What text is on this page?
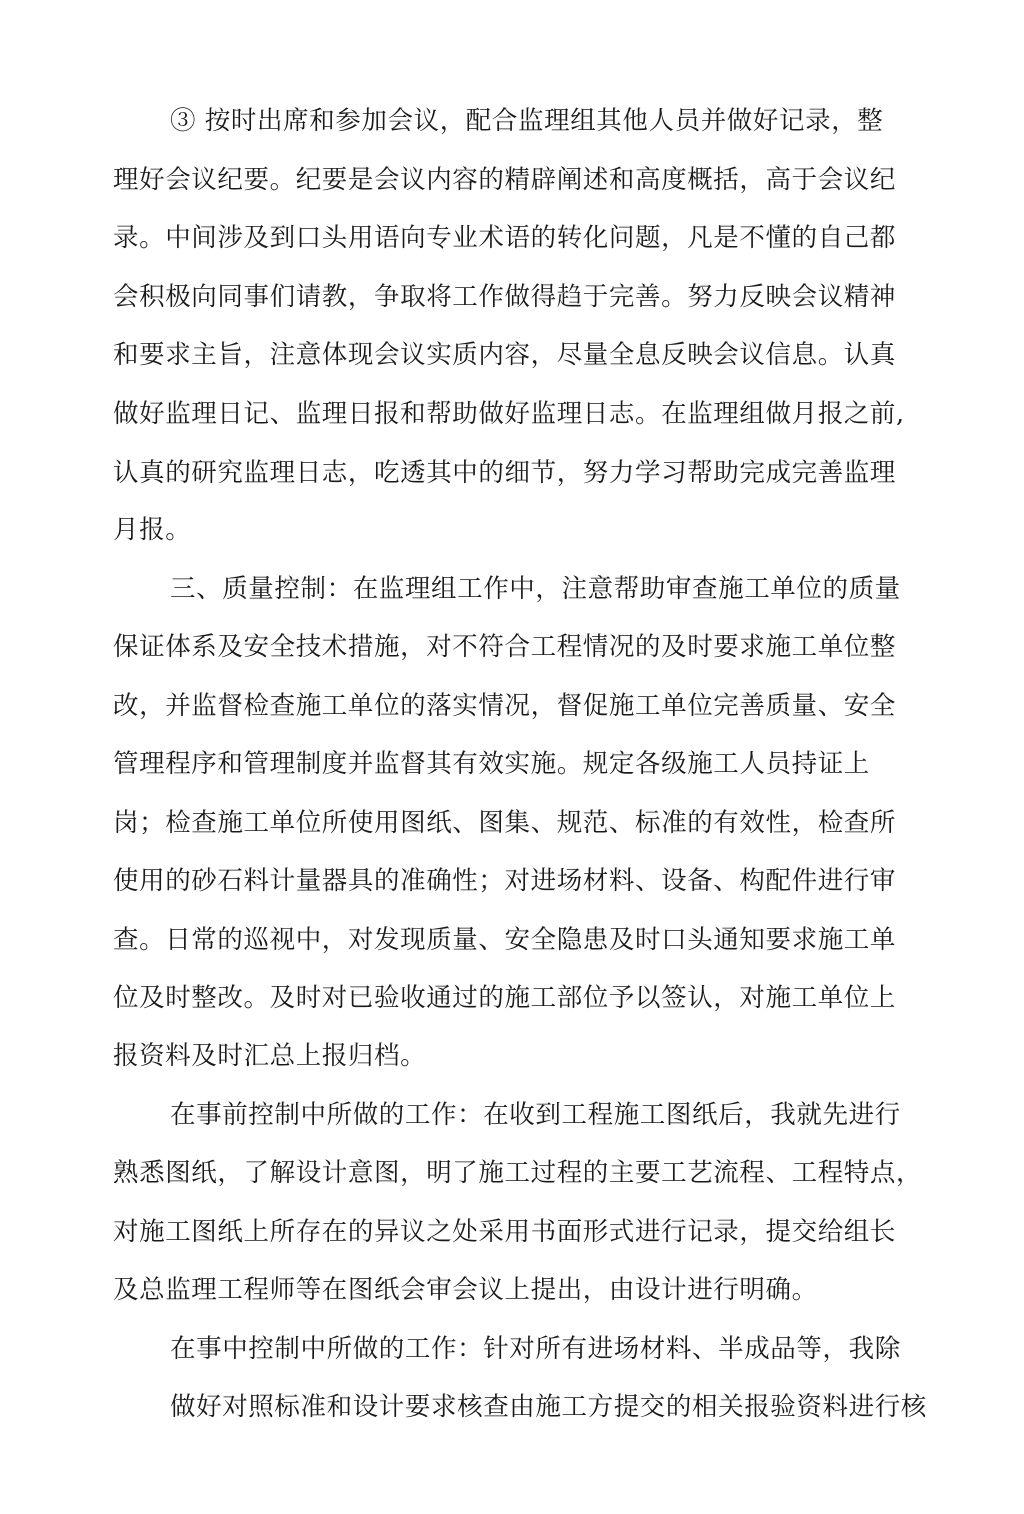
③ 按时出席和参加会议，配合监理组其他人员并做好记录，整
理好会议纪要。纪要是会议内容的精辟阐述和高度概括，高于会议纪
录。中间涉及到口头用语向专业术语的转化问题，凡是不懂的自己都
会积极向同事们请教，争取将工作做得趋于完善。努力反映会议精神
和要求主旨，注意体现会议实质内容，尽量全息反映会议信息。认真
做好监理日记、监理日报和帮助做好监理日志。在监理组做月报之前,
认真的研究监理日志，吃透其中的细节，努力学习帮助完成完善监理
月报。
三、质量控制：在监理组工作中，注意帮助审查施工单位的质量
保证体系及安全技术措施，对不符合工程情况的及时要求施工单位整
改，并监督检查施工单位的落实情况，督促施工单位完善质量、安全
管理程序和管理制度并监督其有效实施。规定各级施工人员持证上
岗；检查施工单位所使用图纸、图集、规范、标准的有效性，检查所
使用的砂石料计量器具的准确性；对进场材料、设备、构配件进行审
查。日常的巡视中，对发现质量、安全隐患及时口头通知要求施工单
位及时整改。及时对已验收通过的施工部位予以签认，对施工单位上
报资料及时汇总上报归档。
在事前控制中所做的工作：在收到工程施工图纸后，我就先进行
熟悉图纸，了解设计意图，明了施工过程的主要工艺流程、工程特点，
对施工图纸上所存在的异议之处采用书面形式进行记录，提交给组长
及总监理工程师等在图纸会审会议上提出，由设计进行明确。
在事中控制中所做的工作：针对所有进场材料、半成品等，我除
做好对照标准和设计要求核查由施工方提交的相关报验资料进行核
